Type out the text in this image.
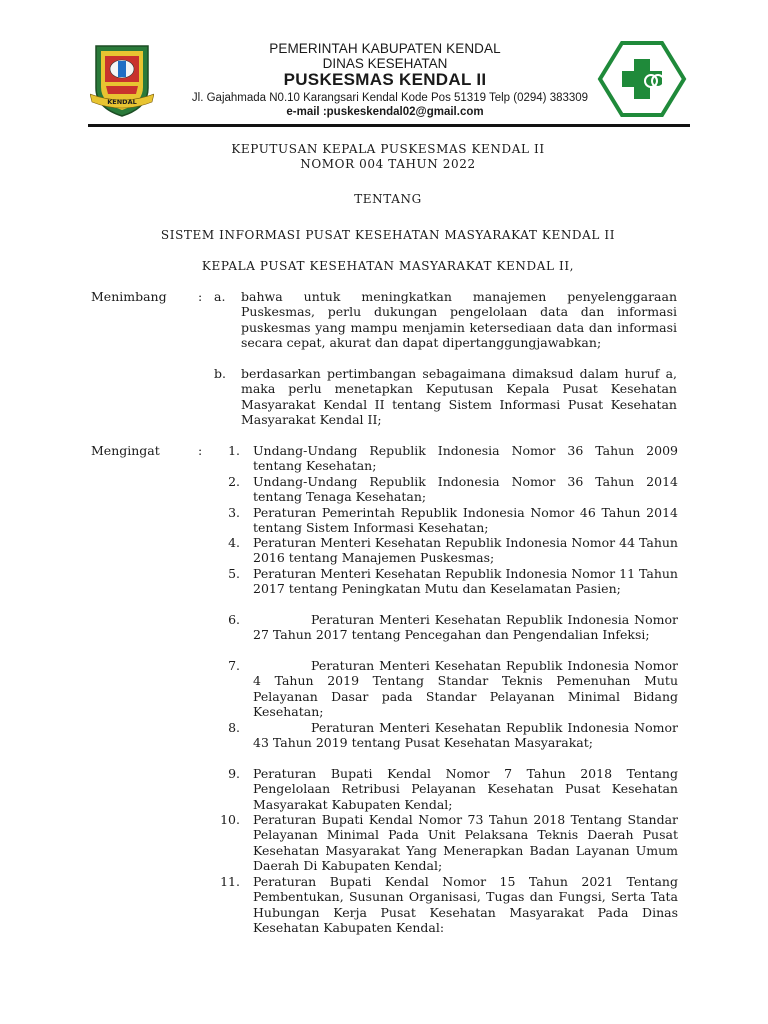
KENDAL
PEMERINTAH KABUPATEN KENDAL
DINAS KESEHATAN
PUSKESMAS KENDAL II
Jl. Gajahmada N0.10 Karangsari Kendal Kode Pos 51319 Telp (0294) 383309
e-mail :puskeskendal02@gmail.com
KEPUTUSAN KEPALA PUSKESMAS KENDAL II
NOMOR 004 TAHUN 2022
TENTANG
SISTEM INFORMASI PUSAT KESEHATAN MASYARAKAT KENDAL II
KEPALA PUSAT KESEHATAN MASYARAKAT KENDAL II,
Menimbang	: a. bahwa untuk meningkatkan manajemen penyelenggaraan Puskesmas, perlu dukungan pengelolaan data dan informasi puskesmas yang mampu menjamin ketersediaan data dan informasi secara cepat, akurat dan dapat dipertanggungjawabkan;
b. berdasarkan pertimbangan sebagaimana dimaksud dalam huruf a, maka perlu menetapkan Keputusan Kepala Pusat Kesehatan Masyarakat Kendal II tentang Sistem Informasi Pusat Kesehatan Masyarakat Kendal II;
Mengingat	:	1. Undang-Undang Republik Indonesia Nomor 36 Tahun 2009 tentang Kesehatan;
2. Undang-Undang Republik Indonesia Nomor 36 Tahun 2014 tentang Tenaga Kesehatan;
3. Peraturan Pemerintah Republik Indonesia Nomor 46 Tahun 2014 tentang Sistem Informasi Kesehatan;
4. Peraturan Menteri Kesehatan Republik Indonesia Nomor 44 Tahun 2016 tentang Manajemen Puskesmas;
5. Peraturan Menteri Kesehatan Republik Indonesia Nomor 11 Tahun 2017 tentang Peningkatan Mutu dan Keselamatan Pasien;
6.	Peraturan Menteri Kesehatan Republik Indonesia Nomor 27 Tahun 2017 tentang Pencegahan dan Pengendalian Infeksi;
7.	Peraturan Menteri Kesehatan Republik Indonesia Nomor 4 Tahun 2019 Tentang Standar Teknis Pemenuhan Mutu Pelayanan Dasar pada Standar Pelayanan Minimal Bidang Kesehatan;
8.	Peraturan Menteri Kesehatan Republik Indonesia Nomor 43 Tahun 2019 tentang Pusat Kesehatan Masyarakat;
9. Peraturan Bupati Kendal Nomor 7 Tahun 2018 Tentang Pengelolaan Retribusi Pelayanan Kesehatan Pusat Kesehatan Masyarakat Kabupaten Kendal;
10. Peraturan Bupati Kendal Nomor 73 Tahun 2018 Tentang Standar Pelayanan Minimal Pada Unit Pelaksana Teknis Daerah Pusat Kesehatan Masyarakat Yang Menerapkan Badan Layanan Umum Daerah Di Kabupaten Kendal;
11. Peraturan Bupati Kendal Nomor 15 Tahun 2021 Tentang Pembentukan, Susunan Organisasi, Tugas dan Fungsi, Serta Tata Hubungan Kerja Pusat Kesehatan Masyarakat Pada Dinas Kesehatan Kabupaten Kendal:
